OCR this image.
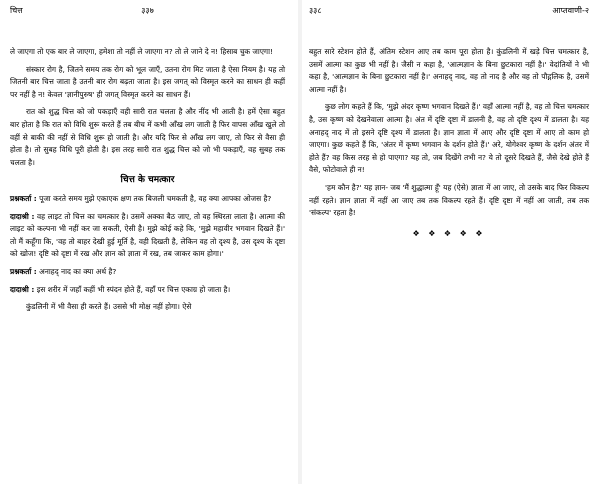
चित्त	३३७

ले जाएगा तो एक बार ले जाएगा, हमेशा तो नहीं ले जाएगा न? तो ले जाने दे न! हिसाब चुक जाएगा!

संस्कार रोग है, जितने समय तक रोग को भूल जाएँ, उतना रोग मिट जाता है ऐसा नियम है। यह तो जितनी बार चित्त जाता है उतनी बार रोग बढ़ता जाता है। इस जगत् को विस्मृत करने का साधन ही कहीं पर नहीं है न! केवल 'ज्ञानीपुरुष' ही जगत् विस्मृत करने का साधन हैं।

रात को शुद्ध चित्त को जो पकड़ाएँ वही सारी रात चलता है और नींद भी आती है। हमें ऐसा बहुत बार होता है कि रात को विधि शुरू करते हैं तब बीच में कभी आँख लग जाती है फिर वापस आँख खुले तो वहीं से बाकी की नहीं से विधि शुरू हो जाती है। और यदि फिर से आँख लग जाए, तो फिर से वैसा ही होता है। तो सुबह विधि पूरी होती है। इस तरह सारी रात शुद्ध चित्त को जो भी पकड़ाएँ, वह सुबह तक चलता है।

चित्त के चमत्कार

प्रश्नकर्ता : पूजा करते समय मुझे एकाएक क्षण तक बिजली चमकती है, वह क्या आपका ओजस है?

दादाश्री : वह लाइट तो चित्त का चमत्कार है। उसमें अक्का बैठ जाए, तो वह स्थिरता लाता है। आत्मा की लाइट को कल्पना भी नहीं कर जा सकती, ऐसी है। मुझे कोई कहे कि, 'मुझे महावीर भगवान दिखते हैं।' तो मैं कहूँगा कि, 'वह तो बाहर देखी हुई मूर्ति है, वही दिखती है, लेकिन वह तो दृश्य है, उस दृश्य के दृष्टा को खोज! दृष्टि को दृष्टा में रख और ज्ञान को ज्ञाता में रख, तब जाकर काम होगा।'

प्रश्नकर्ता : अनाहद् नाद का क्या अर्थ है?

दादाश्री : इस शरीर में जहाँ कहीं भी स्पंदन होते हैं, वहाँ पर चित्त एकाग्र हो जाता है।

कुंडलिनी में भी वैसा ही करते हैं। उससे भी मोक्ष नहीं होगा। ऐसे

३३८	आप्तवाणी-२

बहुत सारे स्टेशन होते हैं, अंतिम स्टेशन आए तब काम पूरा होता है। कुंडलिनी में खड़े चित्त चमत्कार है, उसमें आत्मा का कुछ भी नहीं है। जैसी न कहा है, 'आत्मज्ञान के बिना छुटकारा नहीं है।' वेदांतियों ने भी कहा है, 'आत्मज्ञान के बिना छुटकारा नहीं है।' अनाहद् नाद, वह तो नाद है और वह तो पौद्गलिक है, उसमें आत्मा नहीं है।

कुछ लोग कहते हैं कि, 'मुझे अंदर कृष्ण भगवान दिखते हैं।' वहाँ आत्मा नहीं है, वह तो चित्त चमत्कार है, उस कृष्ण को देखनेवाला आत्मा है। अंत में दृष्टि दृष्टा में डालनी है, वह तो दृष्टि दृश्य में डालता है। यह अनाहद् नाद में तो इसने दृष्टि दृश्य में डालता है। ज्ञान ज्ञाता में आए और दृष्टि दृष्टा में आए तो काम हो जाएगा। कुछ कहते हैं कि, 'अंतर में कृष्ण भगवान के दर्शन होते हैं।' अरे, योगेश्वर कृष्ण के दर्शन अंतर में होते हैं? वह किस तरह से हो पाएगा? यह तो, जब दिखेंगे तभी न? ये तो दूसरे दिखते हैं, जैसे देखे होते हैं वैसे, फोटोवाले ही न!

'हम कौन है?' यह ज्ञान- जब 'मैं शुद्धात्मा हूँ' यह (ऐसे) ज्ञाता में आ जाए, तो उसके बाद फिर विकल्प नहीं रहते। ज्ञान ज्ञाता में नहीं आ जाए तब तक विकल्प रहते हैं। दृष्टि दृष्टा में नहीं आ जाती, तब तक 'संकल्प' रहता है!

❖ ❖ ❖ ❖ ❖
